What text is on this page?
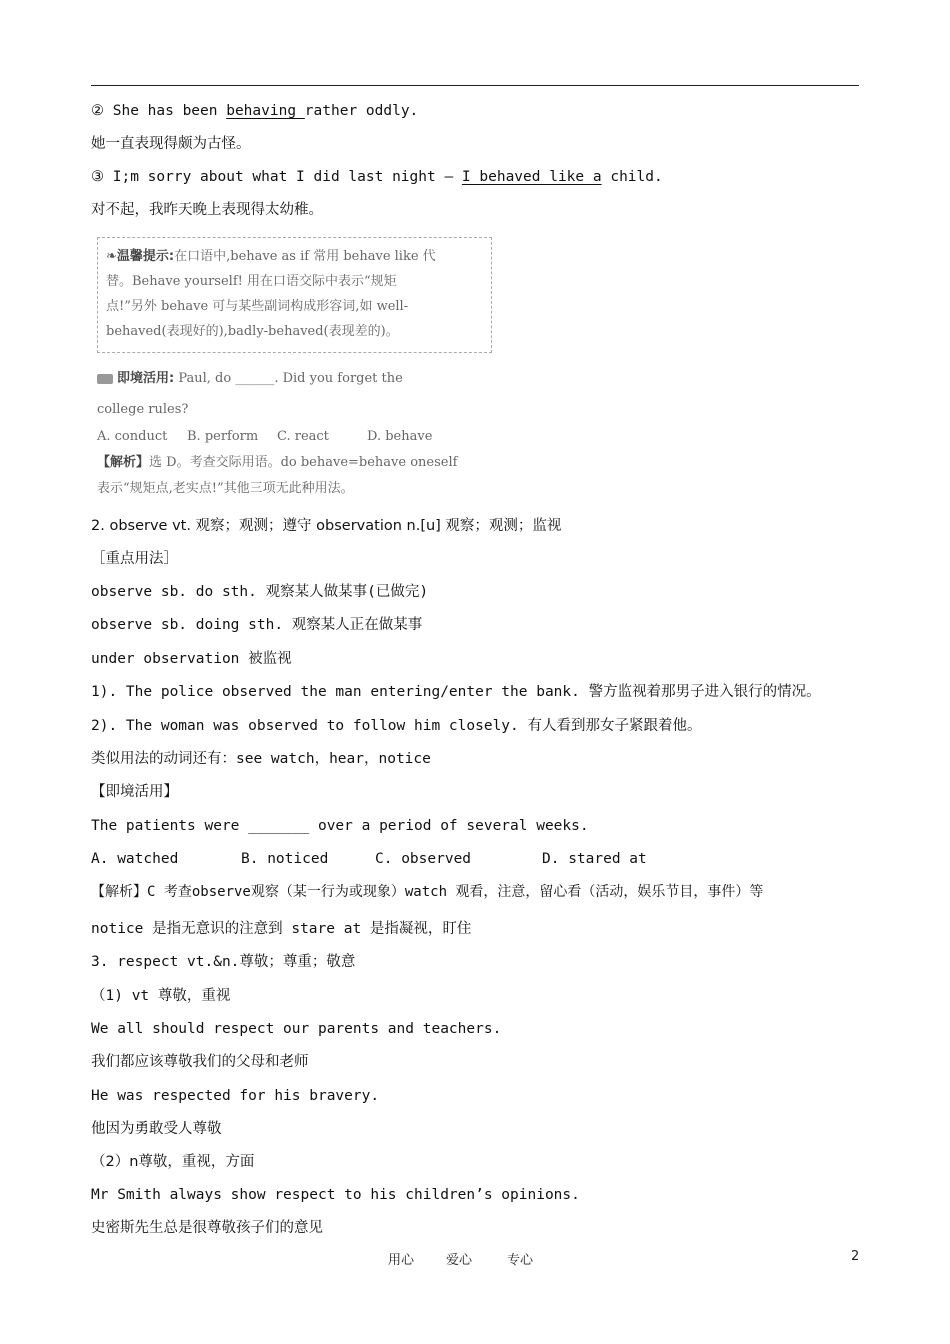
② She has been behaving rather oddly.
她一直表现得颇为古怪。
③ I;m sorry about what I did last night – I behaved like a child.
对不起，我昨天晚上表现得太幼稚。
❧温馨提示:在口语中,behave as if 常用 behave like 代
替。Behave yourself! 用在口语交际中表示“规矩
点!”另外 behave 可与某些副词构成形容词,如 well-
behaved(表现好的),badly-behaved(表现差的)。
即境活用: Paul, do ______. Did you forget the
college rules?
A. conduct B. perform C. react	D. behave
【解析】选 D。考查交际用语。do behave=behave oneself
表示“规矩点,老实点!”其他三项无此种用法。
2. observe vt. 观察；观测；遵守 observation n.[u] 观察；观测；监视
［重点用法］
observe sb. do sth. 观察某人做某事(已做完)
observe sb. doing sth. 观察某人正在做某事
under observation 被监视
1). The police observed the man entering/enter the bank. 警方监视着那男子进入银行的情况。
2). The woman was observed to follow him closely. 有人看到那女子紧跟着他。
类似用法的动词还有：see watch，hear，notice
【即境活用】
The patients were _______ over a period of several weeks.
A. watched	B. noticed	C. observed	D. stared at
【解析】C 考查observe观察（某一行为或现象）watch 观看，注意，留心看（活动，娱乐节目，事件）等
notice 是指无意识的注意到 stare at 是指凝视，盯住
3. respect vt.&n.尊敬；尊重；敬意
（1) vt 尊敬，重视
We all should respect our parents and teachers.
我们都应该尊敬我们的父母和老师
He was respected for his bravery.
他因为勇敢受人尊敬
（2）n尊敬，重视，方面
Mr Smith always show respect to his children’s opinions.
史密斯先生总是很尊敬孩子们的意见
用心 爱心	专心	2
